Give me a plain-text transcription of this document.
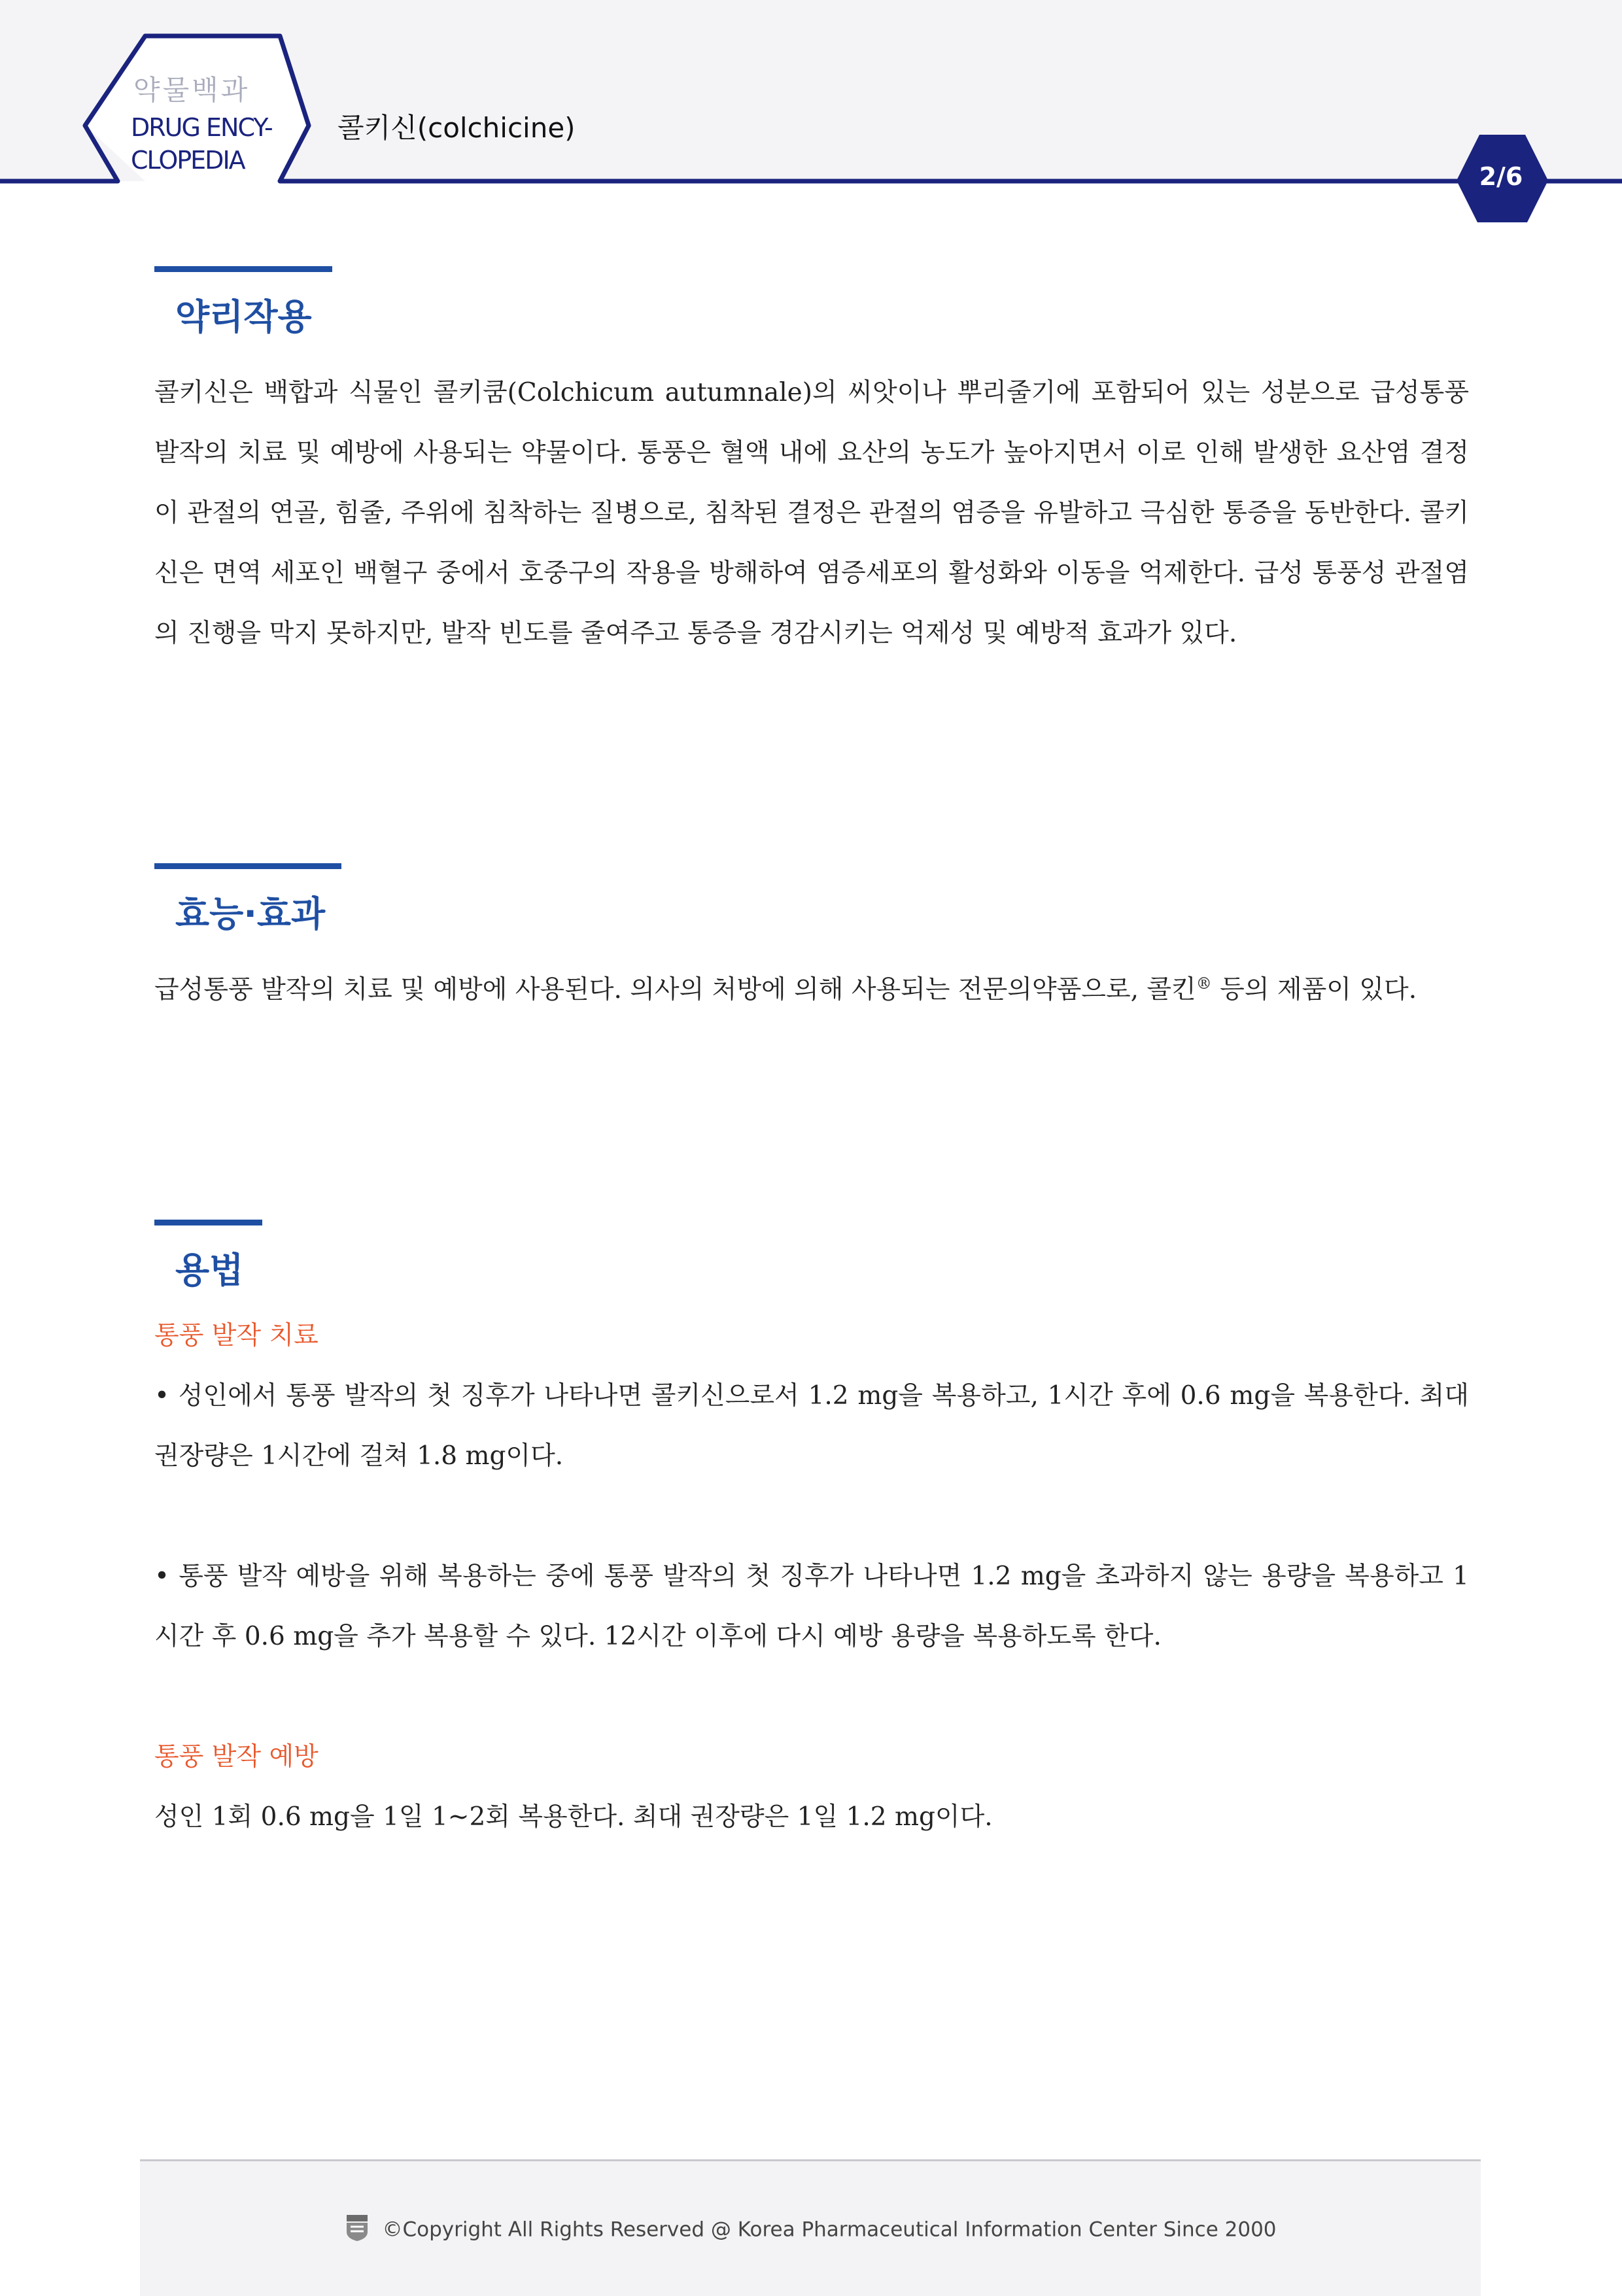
약물백과
DRUG ENCY-
CLOPEDIA
콜키신(colchicine)
2/6
약리작용

콜키신은 백합과 식물인 콜키쿰(Colchicum autumnale)의 씨앗이나 뿌리줄기에 포함되어 있는 성분으로 급성통풍 발작의 치료 및 예방에 사용되는 약물이다. 통풍은 혈액 내에 요산의 농도가 높아지면서 이로 인해 발생한 요산염 결정이 관절의 연골, 힘줄, 주위에 침착하는 질병으로, 침착된 결정은 관절의 염증을 유발하고 극심한 통증을 동반한다. 콜키신은 면역 세포인 백혈구 중에서 호중구의 작용을 방해하여 염증세포의 활성화와 이동을 억제한다. 급성 통풍성 관절염의 진행을 막지 못하지만, 발작 빈도를 줄여주고 통증을 경감시키는 억제성 및 예방적 효과가 있다.

효능·효과

급성통풍 발작의 치료 및 예방에 사용된다. 의사의 처방에 의해 사용되는 전문의약품으로, 콜킨® 등의 제품이 있다.

용법

통풍 발작 치료

• 성인에서 통풍 발작의 첫 징후가 나타나면 콜키신으로서 1.2 mg을 복용하고, 1시간 후에 0.6 mg을 복용한다. 최대 권장량은 1시간에 걸쳐 1.8 mg이다.

• 통풍 발작 예방을 위해 복용하는 중에 통풍 발작의 첫 징후가 나타나면 1.2 mg을 초과하지 않는 용량을 복용하고 1시간 후 0.6 mg을 추가 복용할 수 있다. 12시간 이후에 다시 예방 용량을 복용하도록 한다.

통풍 발작 예방

성인 1회 0.6 mg을 1일 1~2회 복용한다. 최대 권장량은 1일 1.2 mg이다.

©Copyright All Rights Reserved @ Korea Pharmaceutical Information Center Since 2000
